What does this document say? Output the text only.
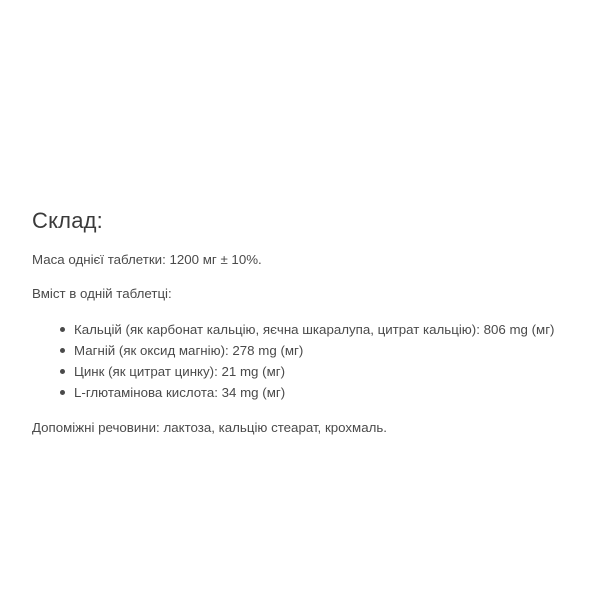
Склад:

Маса однієї таблетки: 1200 мг ± 10%.

Вміст в одній таблетці:

Кальцій (як карбонат кальцію, яєчна шкаралупа, цитрат кальцію): 806 mg (мг)
Магній (як оксид магнію): 278 mg (мг)
Цинк (як цитрат цинку): 21 mg (мг)
L-глютамінова кислота: 34 mg (мг)

Допоміжні речовини: лактоза, кальцію стеарат, крохмаль.
